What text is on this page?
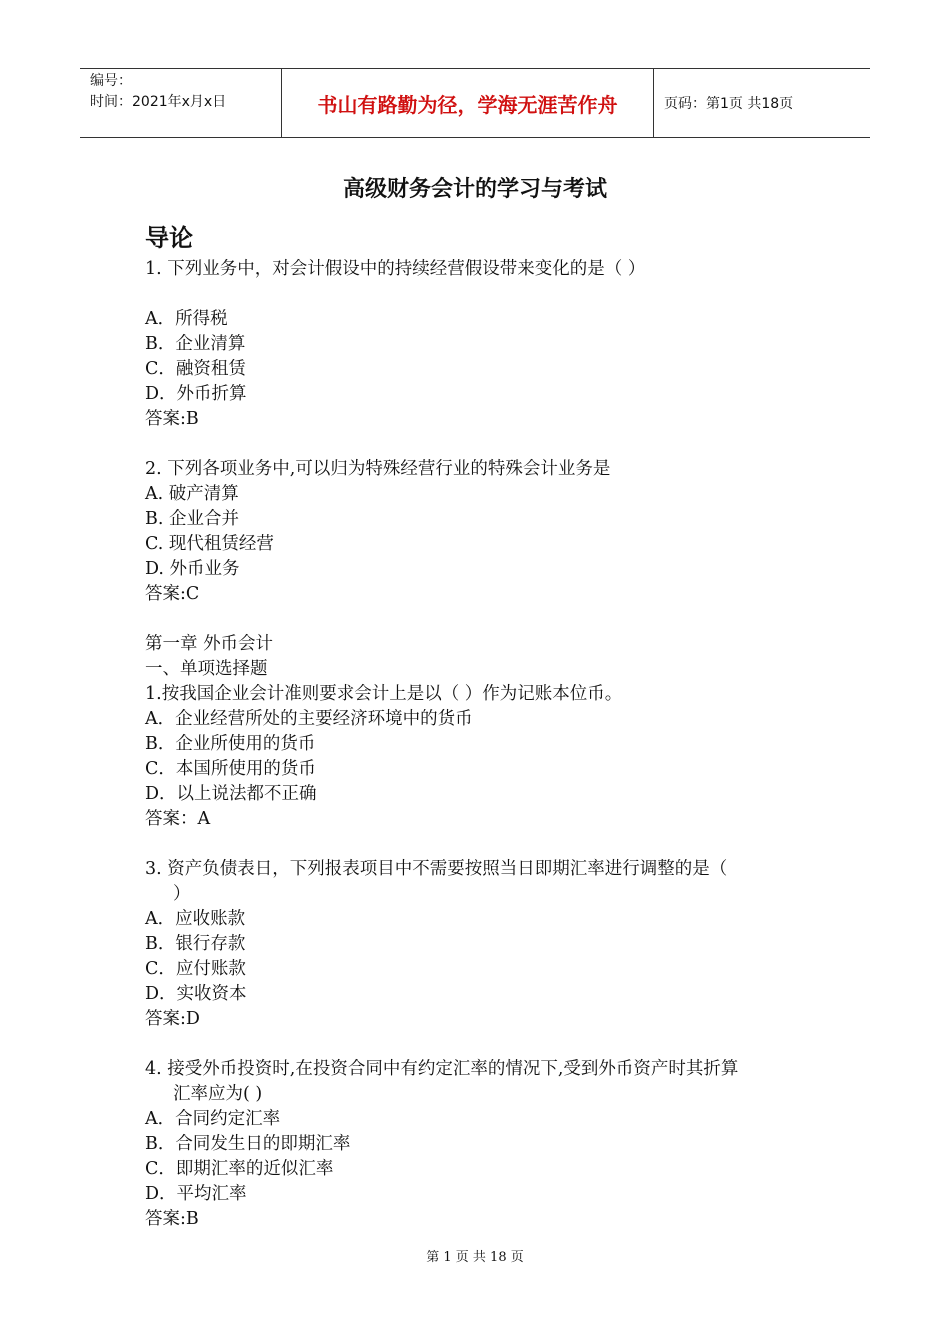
编号：
时间：2021年x月x日	书山有路勤为径，学海无涯苦作舟	页码：第1页 共18页
高级财务会计的学习与考试
导论
1. 下列业务中，对会计假设中的持续经营假设带来变化的是（ ）
A．所得税
B．企业清算
C．融资租赁
D．外币折算
答案:B
2. 下列各项业务中,可以归为特殊经营行业的特殊会计业务是
A. 破产清算
B. 企业合并
C. 现代租赁经营
D. 外币业务
答案:C
第一章 外币会计
一、单项选择题
1.按我国企业会计准则要求会计上是以（ ）作为记账本位币。
A．企业经营所处的主要经济环境中的货币
B．企业所使用的货币
C．本国所使用的货币
D．以上说法都不正确
答案：A
3. 资产负债表日，下列报表项目中不需要按照当日即期汇率进行调整的是（
）
A．应收账款
B．银行存款
C．应付账款
D．实收资本
答案:D
4. 接受外币投资时,在投资合同中有约定汇率的情况下,受到外币资产时其折算
汇率应为( )
A．合同约定汇率
B．合同发生日的即期汇率
C．即期汇率的近似汇率
D．平均汇率
答案:B
第 1 页 共 18 页
